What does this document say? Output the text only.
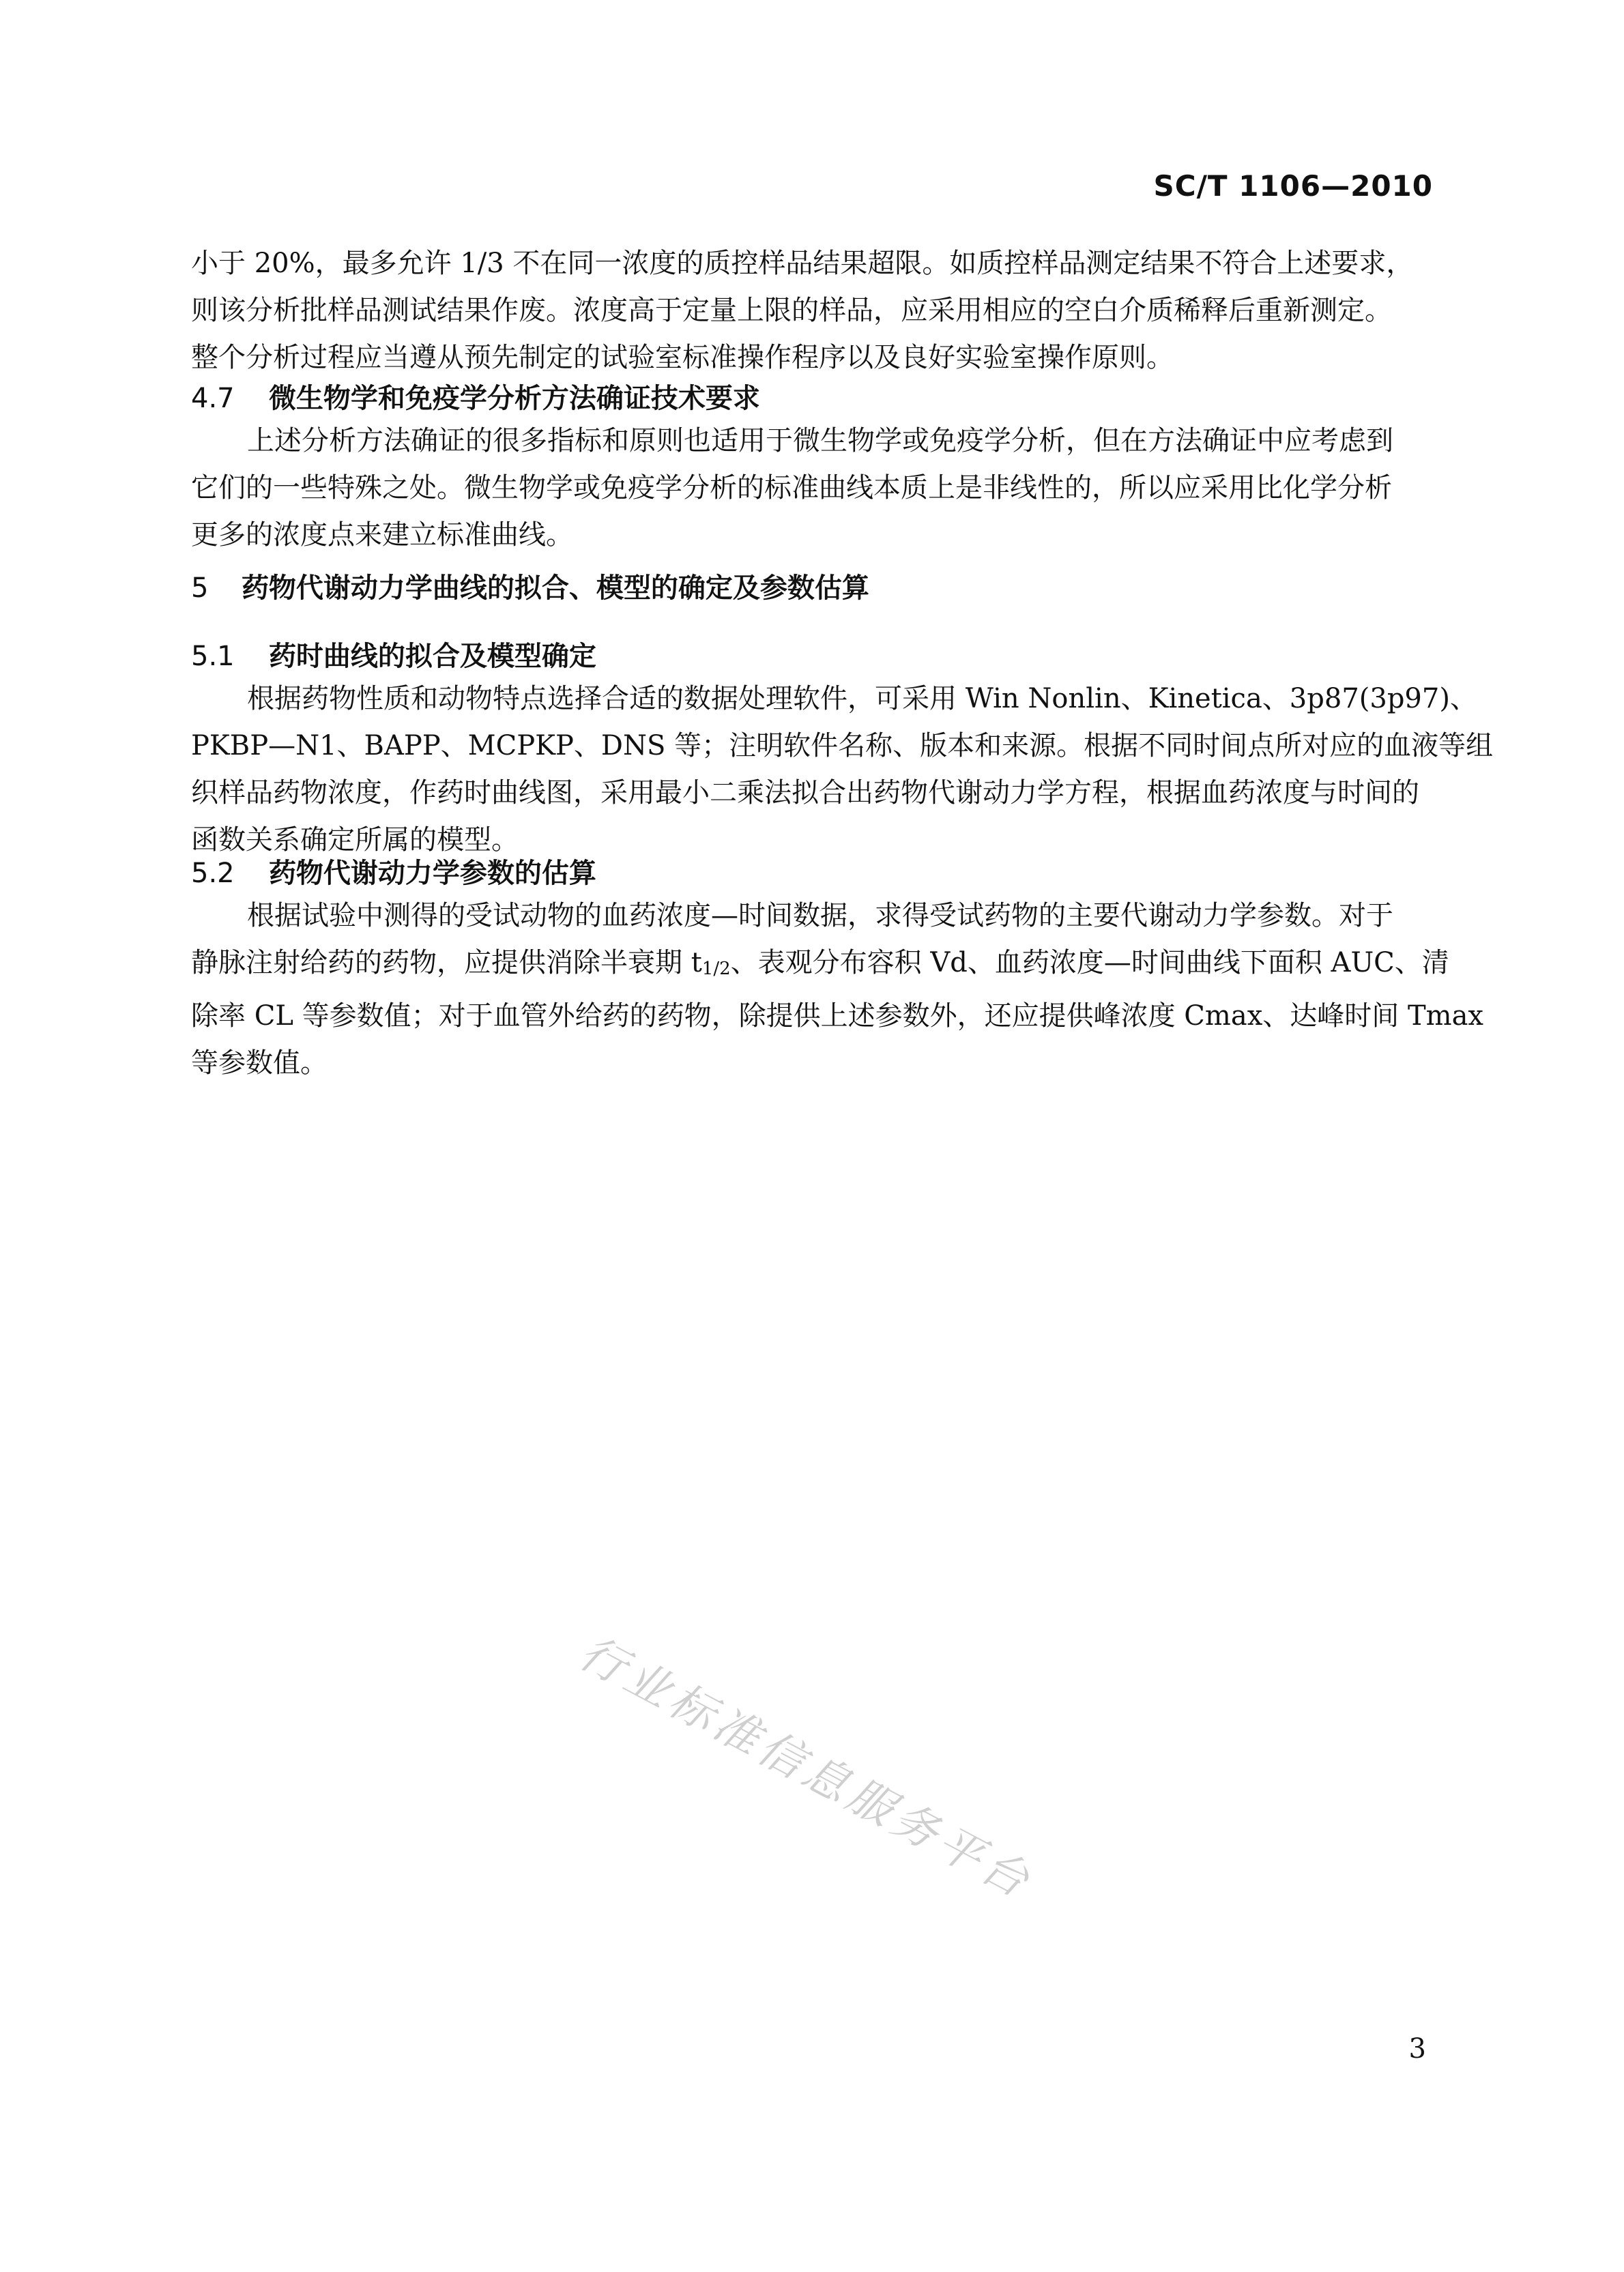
SC/T 1106—2010
小于 20%，最多允许 1/3 不在同一浓度的质控样品结果超限。如质控样品测定结果不符合上述要求，
则该分析批样品测试结果作废。浓度高于定量上限的样品，应采用相应的空白介质稀释后重新测定。
整个分析过程应当遵从预先制定的试验室标准操作程序以及良好实验室操作原则。
4.7 微生物学和免疫学分析方法确证技术要求
上述分析方法确证的很多指标和原则也适用于微生物学或免疫学分析，但在方法确证中应考虑到
它们的一些特殊之处。微生物学或免疫学分析的标准曲线本质上是非线性的，所以应采用比化学分析
更多的浓度点来建立标准曲线。
5 药物代谢动力学曲线的拟合、模型的确定及参数估算
5.1 药时曲线的拟合及模型确定
根据药物性质和动物特点选择合适的数据处理软件，可采用 Win Nonlin、Kinetica、3p87(3p97)、
PKBP—N1、BAPP、MCPKP、DNS 等；注明软件名称、版本和来源。根据不同时间点所对应的血液等组
织样品药物浓度，作药时曲线图，采用最小二乘法拟合出药物代谢动力学方程，根据血药浓度与时间的
函数关系确定所属的模型。
5.2 药物代谢动力学参数的估算
根据试验中测得的受试动物的血药浓度—时间数据，求得受试药物的主要代谢动力学参数。对于
静脉注射给药的药物，应提供消除半衰期 $t_{1/2}$、表观分布容积 Vd、血药浓度—时间曲线下面积 AUC、清
除率 CL 等参数值；对于血管外给药的药物，除提供上述参数外，还应提供峰浓度 Cmax、达峰时间 Tmax
等参数值。
行业标准信息服务平台
3
